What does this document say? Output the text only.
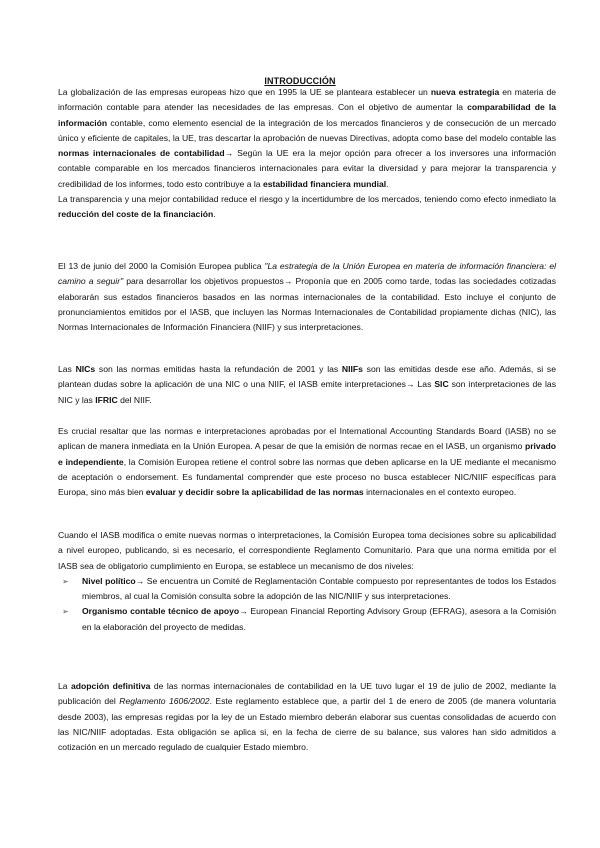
INTRODUCCIÓN

La globalización de las empresas europeas hizo que en 1995 la UE se planteara establecer un nueva estrategia en materia de información contable para atender las necesidades de las empresas. Con el objetivo de aumentar la comparabilidad de la información contable, como elemento esencial de la integración de los mercados financieros y de consecución de un mercado único y eficiente de capitales, la UE, tras descartar la aprobación de nuevas Directivas, adopta como base del modelo contable las normas internacionales de contabilidad→ Según la UE era la mejor opción para ofrecer a los inversores una información contable comparable en los mercados financieros internacionales para evitar la diversidad y para mejorar la transparencia y credibilidad de los informes, todo esto contribuye a la estabilidad financiera mundial.

La transparencia y una mejor contabilidad reduce el riesgo y la incertidumbre de los mercados, teniendo como efecto inmediato la reducción del coste de la financiación.

El 13 de junio del 2000 la Comisión Europea publica "La estrategia de la Unión Europea en materia de información financiera: el camino a seguir" para desarrollar los objetivos propuestos→ Proponía que en 2005 como tarde, todas las sociedades cotizadas elaborarán sus estados financieros basados en las normas internacionales de la contabilidad. Esto incluye el conjunto de pronunciamientos emitidos por el IASB, que incluyen las Normas Internacionales de Contabilidad propiamente dichas (NIC), las Normas Internacionales de Información Financiera (NIIF) y sus interpretaciones.

Las NICs son las normas emitidas hasta la refundación de 2001 y las NIIFs son las emitidas desde ese año. Además, si se plantean dudas sobre la aplicación de una NIC o una NIIF, el IASB emite interpretaciones→ Las SIC son interpretaciones de las NIC y las IFRIC del NIIF.

Es crucial resaltar que las normas e interpretaciones aprobadas por el International Accounting Standards Board (IASB) no se aplican de manera inmediata en la Unión Europea. A pesar de que la emisión de normas recae en el IASB, un organismo privado e independiente, la Comisión Europea retiene el control sobre las normas que deben aplicarse en la UE mediante el mecanismo de aceptación o endorsement. Es fundamental comprender que este proceso no busca establecer NIC/NIIF específicas para Europa, sino más bien evaluar y decidir sobre la aplicabilidad de las normas internacionales en el contexto europeo.

Cuando el IASB modifica o emite nuevas normas o interpretaciones, la Comisión Europea toma decisiones sobre su aplicabilidad a nivel europeo, publicando, si es necesario, el correspondiente Reglamento Comunitario. Para que una norma emitida por el IASB sea de obligatorio cumplimiento en Europa, se establece un mecanismo de dos niveles:

➢ Nivel político→ Se encuentra un Comité de Reglamentación Contable compuesto por representantes de todos los Estados miembros, al cual la Comisión consulta sobre la adopción de las NIC/NIIF y sus interpretaciones.
➢ Organismo contable técnico de apoyo→ European Financial Reporting Advisory Group (EFRAG), asesora a la Comisión en la elaboración del proyecto de medidas.

La adopción definitiva de las normas internacionales de contabilidad en la UE tuvo lugar el 19 de julio de 2002, mediante la publicación del Reglamento 1606/2002. Este reglamento establece que, a partir del 1 de enero de 2005 (de manera voluntaria desde 2003), las empresas regidas por la ley de un Estado miembro deberán elaborar sus cuentas consolidadas de acuerdo con las NIC/NIIF adoptadas. Esta obligación se aplica si, en la fecha de cierre de su balance, sus valores han sido admitidos a cotización en un mercado regulado de cualquier Estado miembro.
